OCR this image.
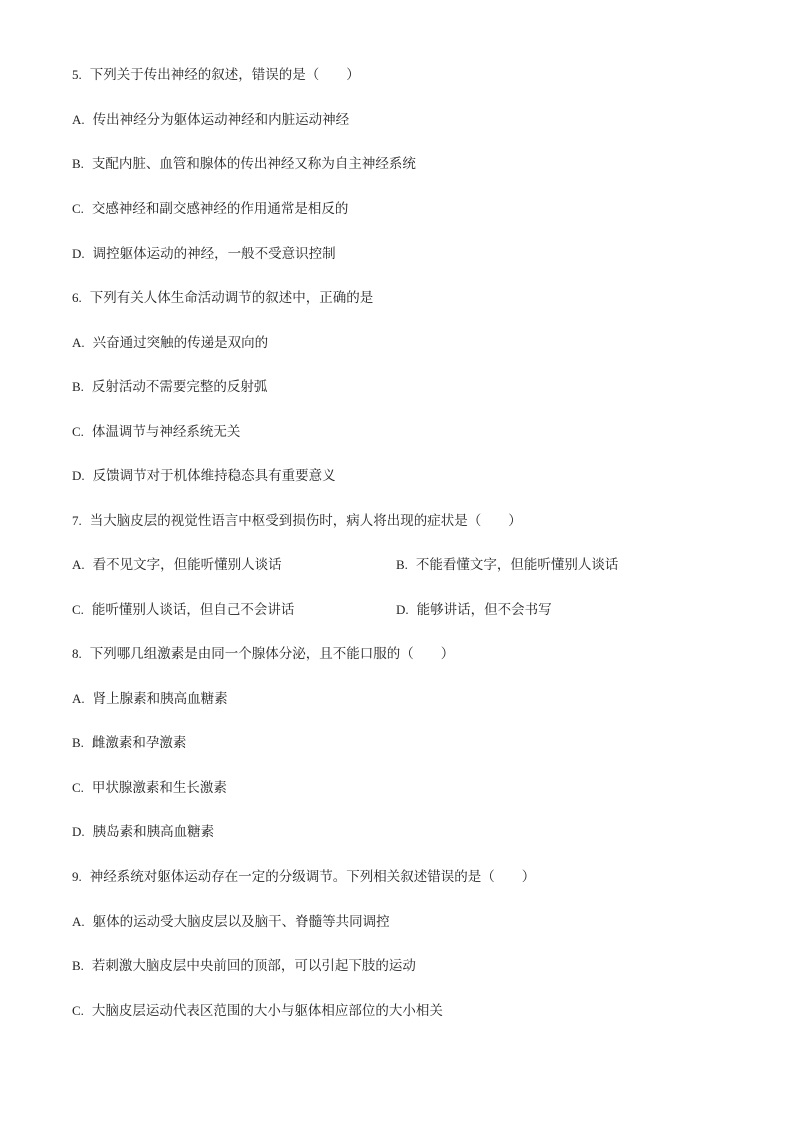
5. 下列关于传出神经的叙述，错误的是（　　）
A. 传出神经分为躯体运动神经和内脏运动神经
B. 支配内脏、血管和腺体的传出神经又称为自主神经系统
C. 交感神经和副交感神经的作用通常是相反的
D. 调控躯体运动的神经，一般不受意识控制
6. 下列有关人体生命活动调节的叙述中，正确的是
A. 兴奋通过突触的传递是双向的
B. 反射活动不需要完整的反射弧
C. 体温调节与神经系统无关
D. 反馈调节对于机体维持稳态具有重要意义
7. 当大脑皮层的视觉性语言中枢受到损伤时，病人将出现的症状是（　　）
A. 看不见文字，但能听懂别人谈话	B. 不能看懂文字，但能听懂别人谈话
C. 能听懂别人谈话，但自己不会讲话	D. 能够讲话，但不会书写
8. 下列哪几组激素是由同一个腺体分泌，且不能口服的（　　）
A. 肾上腺素和胰高血糖素
B. 雌激素和孕激素
C. 甲状腺激素和生长激素
D. 胰岛素和胰高血糖素
9. 神经系统对躯体运动存在一定的分级调节。下列相关叙述错误的是（　　）
A. 躯体的运动受大脑皮层以及脑干、脊髓等共同调控
B. 若刺激大脑皮层中央前回的顶部，可以引起下肢的运动
C. 大脑皮层运动代表区范围的大小与躯体相应部位的大小相关
